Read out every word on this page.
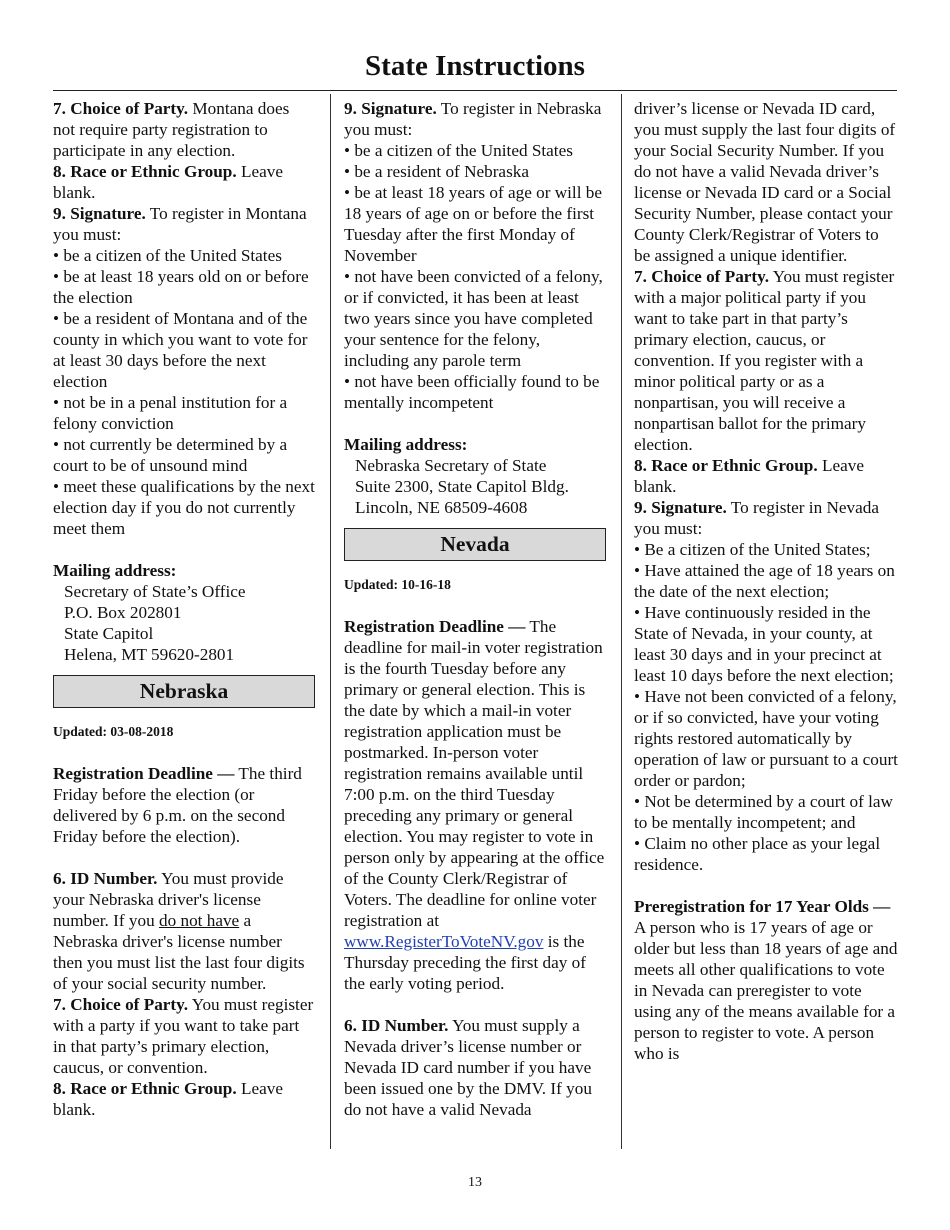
State Instructions

7. Choice of Party. Montana does not require party registration to participate in any election.

8. Race or Ethnic Group. Leave blank.

9. Signature. To register in Montana you must:

• be a citizen of the United States

• be at least 18 years old on or before the election

• be a resident of Montana and of the county in which you want to vote for at least 30 days before the next election

• not be in a penal institution for a felony conviction

• not currently be determined by a court to be of unsound mind

• meet these qualifications by the next election day if you do not currently meet them

Mailing address:

Secretary of State’s Office

P.O. Box 202801

State Capitol

Helena, MT 59620-2801

Nebraska

Updated: 03-08-2018

Registration Deadline — The third Friday before the election (or delivered by 6 p.m. on the second Friday before the election).

6. ID Number. You must provide your Nebraska driver's license number. If you do not have a Nebraska driver's license number then you must list the last four digits of your social security number.

7. Choice of Party. You must register with a party if you want to take part in that party’s primary election, caucus, or convention.

8. Race or Ethnic Group. Leave blank.

9. Signature. To register in Nebraska you must:

• be a citizen of the United States

• be a resident of Nebraska

• be at least 18 years of age or will be 18 years of age on or before the first Tuesday after the first Monday of November

• not have been convicted of a felony, or if convicted, it has been at least two years since you have completed your sentence for the felony, including any parole term

• not have been officially found to be mentally incompetent

Mailing address:

Nebraska Secretary of State

Suite 2300, State Capitol Bldg.

Lincoln, NE 68509-4608

Nevada

Updated: 10-16-18

Registration Deadline — The deadline for mail-in voter registration is the fourth Tuesday before any primary or general election. This is the date by which a mail-in voter registration application must be postmarked. In-person voter registration remains available until 7:00 p.m. on the third Tuesday preceding any primary or general election. You may register to vote in person only by appearing at the office of the County Clerk/Registrar of Voters. The deadline for online voter registration at www.RegisterToVoteNV.gov is the Thursday preceding the first day of the early voting period.

6. ID Number. You must supply a Nevada driver’s license number or Nevada ID card number if you have been issued one by the DMV. If you do not have a valid Nevada

driver’s license or Nevada ID card, you must supply the last four digits of your Social Security Number. If you do not have a valid Nevada driver’s license or Nevada ID card or a Social Security Number, please contact your County Clerk/Registrar of Voters to be assigned a unique identifier.

7. Choice of Party. You must register with a major political party if you want to take part in that party’s primary election, caucus, or convention. If you register with a minor political party or as a nonpartisan, you will receive a nonpartisan ballot for the primary election.

8. Race or Ethnic Group. Leave blank.

9. Signature. To register in Nevada you must:

• Be a citizen of the United States;

• Have attained the age of 18 years on the date of the next election;

• Have continuously resided in the State of Nevada, in your county, at least 30 days and in your precinct at least 10 days before the next election;

• Have not been convicted of a felony, or if so convicted, have your voting rights restored automatically by operation of law or pursuant to a court order or pardon;

• Not be determined by a court of law to be mentally incompetent; and

• Claim no other place as your legal residence.

Preregistration for 17 Year Olds — A person who is 17 years of age or older but less than 18 years of age and meets all other qualifications to vote in Nevada can preregister to vote using any of the means available for a person to register to vote. A person who is

13
